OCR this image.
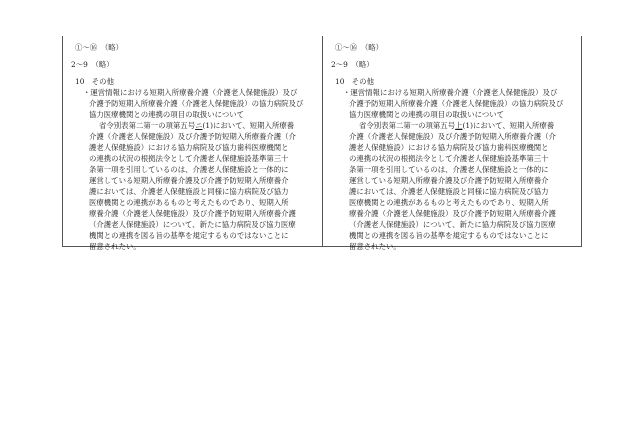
①～⑯　（略）
2～9　（略）
10　その他
・運営情報における短期入所療養介護（介護老人保健施設）及び
介護予防短期入所療養介護（介護老人保健施設）の協力病院及び
協力医療機関との連携の項目の取扱いについて
省令別表第二第一の項第五号ニ(1)において、短期入所療養
介護（介護老人保健施設）及び介護予防短期入所療養介護（介
護老人保健施設）における協力病院及び協力歯科医療機関と
の連携の状況の根拠法令として介護老人保健施設基準第三十
条第一項を引用しているのは、介護老人保健施設と一体的に
運営している短期入所療養介護及び介護予防短期入所療養介
護においては、介護老人保健施設と同様に協力病院及び協力
医療機関との連携があるものと考えたものであり、短期入所
療養介護（介護老人保健施設）及び介護予防短期入所療養介護
（介護老人保健施設）について、新たに協力病院及び協力医療
機関との連携を図る旨の基準を規定するものではないことに
留意されたい。
①～⑯　（略）
2～9　（略）
10　その他
・運営情報における短期入所療養介護（介護老人保健施設）及び
介護予防短期入所療養介護（介護老人保健施設）の協力病院及び
協力医療機関との連携の項目の取扱いについて
省令別表第二第一の項第五号上(1)において、短期入所療養
介護（介護老人保健施設）及び介護予防短期入所療養介護（介
護老人保健施設）における協力病院及び協力歯科医療機関と
の連携の状況の根拠法令として介護老人保健施設基準第三十
条第一項を引用しているのは、介護老人保健施設と一体的に
運営している短期入所療養介護及び介護予防短期入所療養介
護においては、介護老人保健施設と同様に協力病院及び協力
医療機関との連携があるものと考えたものであり、短期入所
療養介護（介護老人保健施設）及び介護予防短期入所療養介護
（介護老人保健施設）について、新たに協力病院及び協力医療
機関との連携を図る旨の基準を規定するものではないことに
留意されたい。
